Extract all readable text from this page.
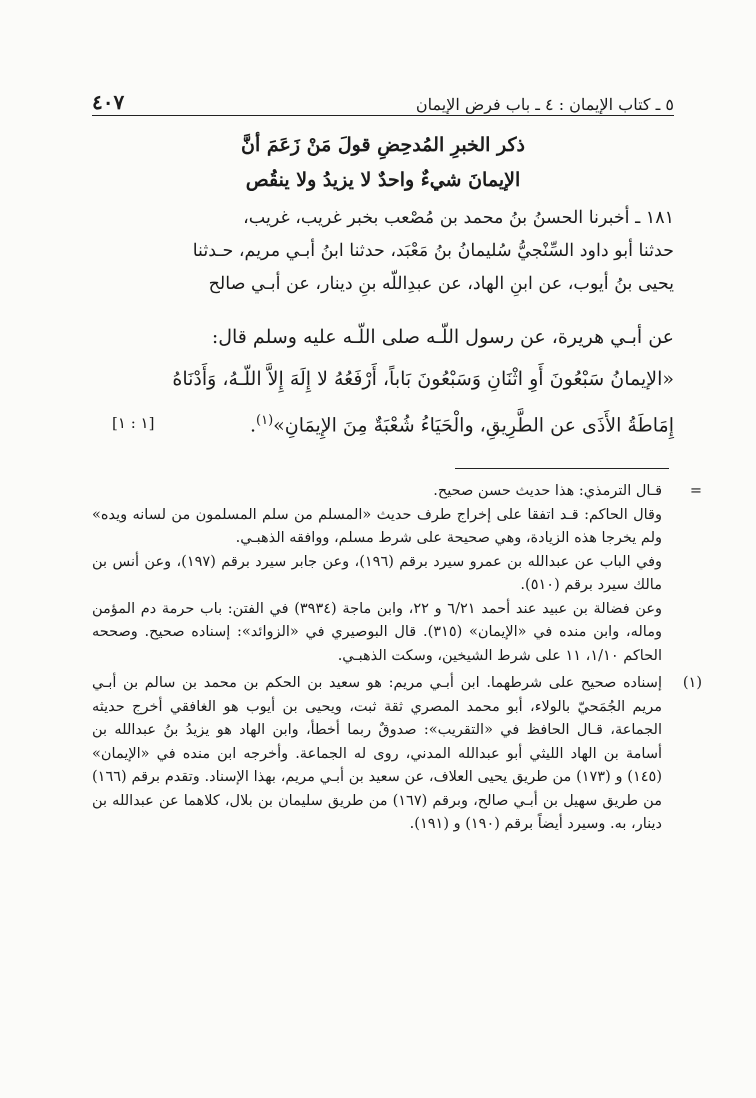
٥ ـ كتاب الإيمان : ٤ ـ باب فرض الإيمان
٤٠٧
ذكر الخبرِ المُدحِضِ قولَ مَنْ زَعَمَ أنَّ
الإيمانَ شيءٌ واحدٌ لا يزيدُ ولا ينقُص

١٨١ ـ أخبرنا الحسنُ بنُ محمد بن مُصْعب بخبر غريب، غريب،

حدثنا أبو داود السِّنْجيُّ سُليمانُ بنُ مَعْبَد، حدثنا ابنُ أبـي مريم، حـدثنا

يحيى بنُ أيوب، عن ابنِ الهاد، عن عبدِاللّه بنِ دينار، عن أبـي صالح

عن أبـي هريرة، عن رسول اللّـه صلى اللّـه عليه وسلم قال:

«الإيمانُ سَبْعُونَ أَوِ اثْنَانِ وَسَبْعُونَ بَاباً، أَرْفَعُهُ لا إِلَهَ إِلاَّ اللّـهُ، وَأَدْنَاهُ

إِمَاطَةُ الأَذَى عن الطَّرِيقِ، والْحَيَاءُ شُعْبَةٌ مِنَ الإِيمَانِ»$^{(١)}$.

[١ : ١]
=

قـال الترمذي: هذا حديث حسن صحيح.

وقال الحاكم: قـد اتفقا على إخراج طرف حديث «المسلم من سلم المسلمون من لسانه ويده» ولم يخرجا هذه الزيادة، وهي صحيحة على شرط مسلم، ووافقه الذهبـي.

وفي الباب عن عبدالله بن عمرو سيرد برقم (١٩٦)، وعن جابر سيرد برقم (١٩٧)، وعن أنس بن مالك سيرد برقم (٥١٠).

وعن فضالة بن عبيد عند أحمد ٦/٢١ و ٢٢، وابن ماجة (٣٩٣٤) في الفتن: باب حرمة دم المؤمن وماله، وابن منده في «الإيمان» (٣١٥). قال البوصيري في «الزوائد»: إسناده صحيح. وصححه الحاكم ١/١٠، ١١ على شرط الشيخين، وسكت الذهبـي.

(١)

إسناده صحيح على شرطهما. ابن أبـي مريم: هو سعيد بن الحكم بن محمد بن سالم بن أبـي مريم الجُمَحيّ بالولاء، أبو محمد المصري ثقة ثبت، ويحيى بن أيوب هو الغافقي أخرج حديثه الجماعة، قـال الحافظ في «التقريب»: صدوقٌ ربما أخطأ، وابن الهاد هو يزيدُ بنُ عبدالله بن أسامة بن الهاد الليثي أبو عبدالله المدني، روى له الجماعة. وأخرجه ابن منده في «الإيمان» (١٤٥) و (١٧٣) من طريق يحيى العلاف، عن سعيد بن أبـي مريم، بهذا الإسناد. وتقدم برقم (١٦٦) من طريق سهيل بن أبـي صالح، وبرقم (١٦٧) من طريق سليمان بن بلال، كلاهما عن عبدالله بن دينار، به. وسيرد أيضاً برقم (١٩٠) و (١٩١).
